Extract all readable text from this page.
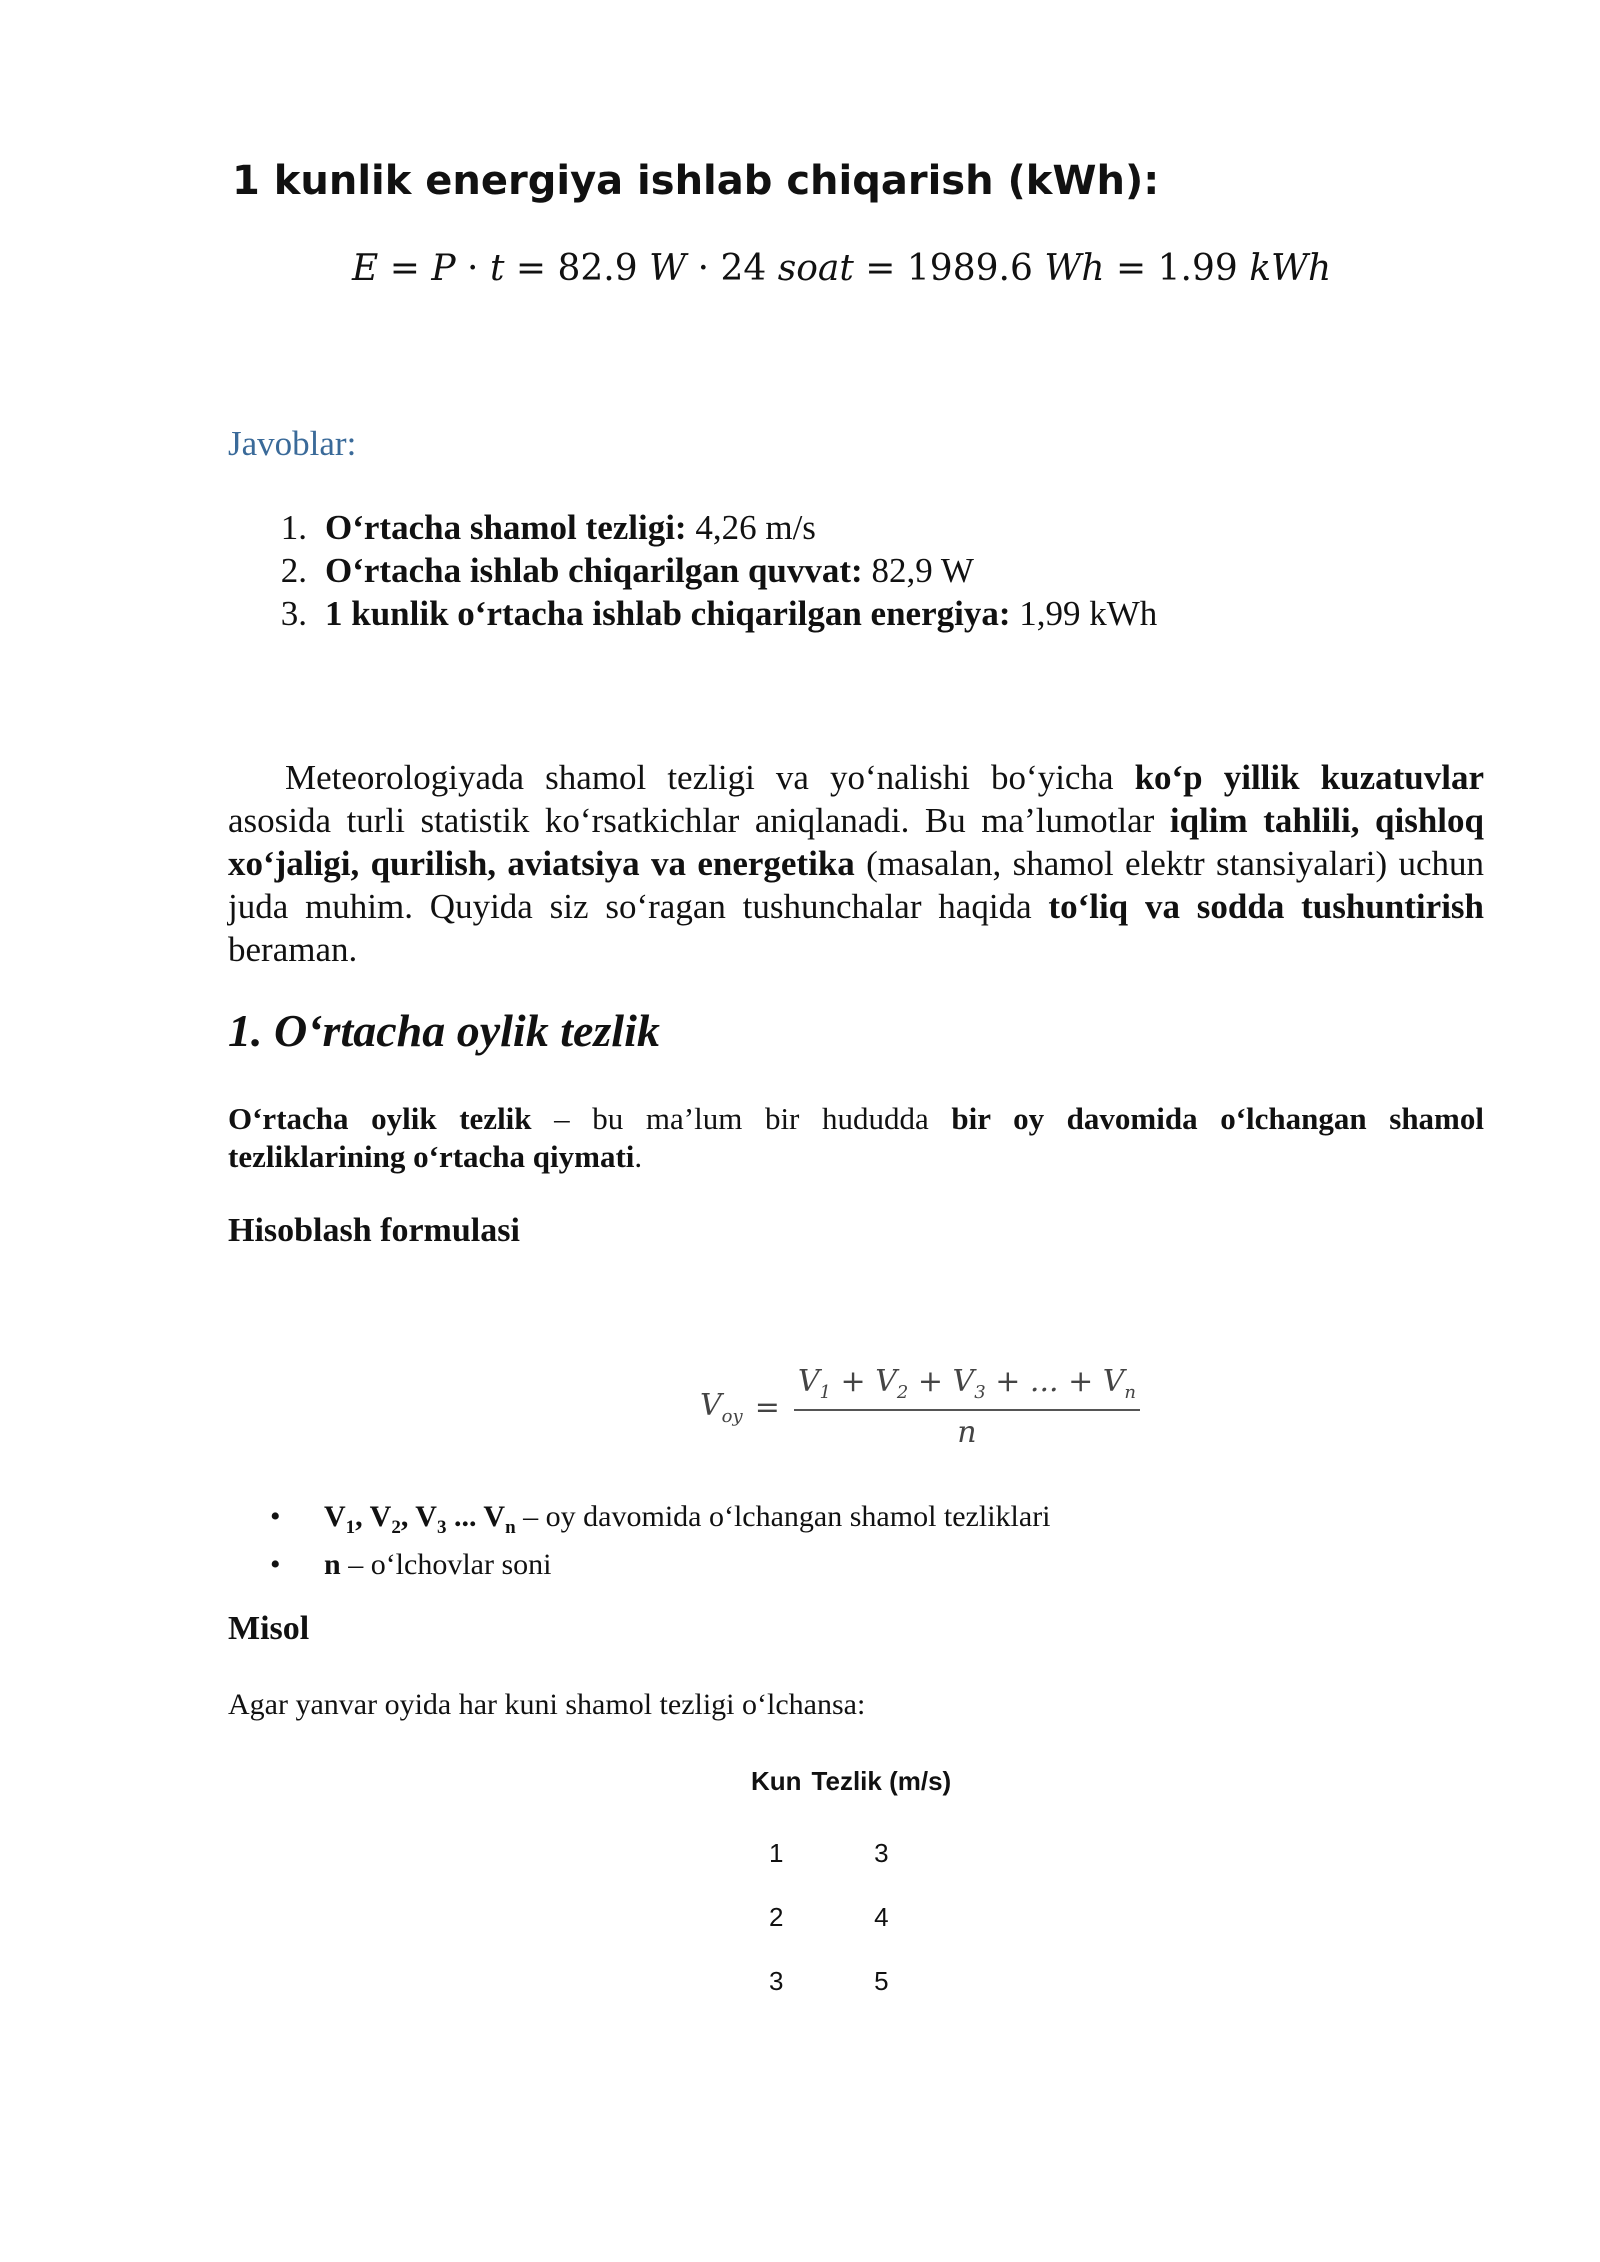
1 kunlik energiya ishlab chiqarish (kWh):
E = P · t = 82.9 W · 24 soat = 1989.6 Wh = 1.99 kWh
Javoblar:
1. O‘rtacha shamol tezligi: 4,26 m/s
2. O‘rtacha ishlab chiqarilgan quvvat: 82,9 W
3. 1 kunlik o‘rtacha ishlab chiqarilgan energiya: 1,99 kWh

Meteorologiyada shamol tezligi va yo‘nalishi bo‘yicha ko‘p yillik kuzatuvlar asosida turli statistik ko‘rsatkichlar aniqlanadi. Bu ma’lumotlar iqlim tahlili, qishloq xo‘jaligi, qurilish, aviatsiya va energetika (masalan, shamol elektr stansiyalari) uchun juda muhim. Quyida siz so‘ragan tushunchalar haqida to‘liq va sodda tushuntirish beraman.

1. O‘rtacha oylik tezlik

O‘rtacha oylik tezlik – bu ma’lum bir hududda bir oy davomida o‘lchangan shamol tezliklarining o‘rtacha qiymati.

Hisoblash formulasi
$V_{oy} = \frac{V_1 + V_2 + V_3 + ... + V_n}{n}$
•	$V_1$, $V_2$, $V_3$ ... $V_n$ – oy davomida o‘lchangan shamol tezliklari
•	n – o‘lchovlar soni
Misol
Agar yanvar oyida har kuni shamol tezligi o‘lchansa:
Kun	Tezlik (m/s)
1	3
2	4
3	5
